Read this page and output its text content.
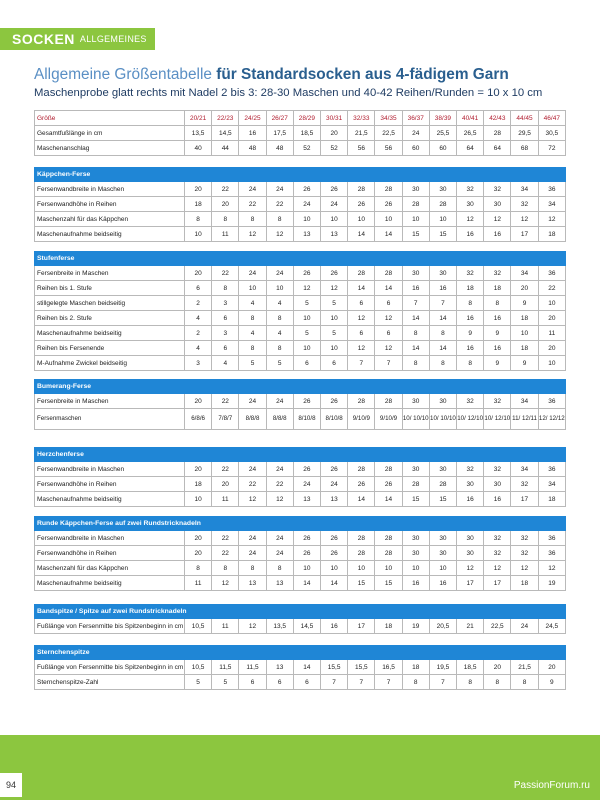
SOCKEN ALLGEMEINES
Allgemeine Größentabelle für Standardsocken aus 4-fädigem Garn
Maschenprobe glatt rechts mit Nadel 2 bis 3: 28-30 Maschen und 40-42 Reihen/Runden = 10 x 10 cm
Größe	20/21	22/23	24/25	26/27	28/29	30/31	32/33	34/35	36/37	38/39	40/41	42/43	44/45	46/47
Gesamtfußlänge in cm	13,5	14,5	16	17,5	18,5	20	21,5	22,5	24	25,5	26,5	28	29,5	30,5
Maschenanschlag	40	44	48	48	52	52	56	56	60	60	64	64	68	72
Käppchen-Ferse														
Fersenwandbreite in Maschen	20	22	24	24	26	26	28	28	30	30	32	32	34	36
Fersenwandhöhe in Reihen	18	20	22	22	24	24	26	26	28	28	30	30	32	34
Maschenzahl für das Käppchen	8	8	8	8	10	10	10	10	10	10	12	12	12	12
Maschenaufnahme beidseitig	10	11	12	12	13	13	14	14	15	15	16	16	17	18
Stufenferse														
Fersenbreite in Maschen	20	22	24	24	26	26	28	28	30	30	32	32	34	36
Reihen bis 1. Stufe	6	8	10	10	12	12	14	14	16	16	18	18	20	22
stillgelegte Maschen beidseitig	2	3	4	4	5	5	6	6	7	7	8	8	9	10
Reihen bis 2. Stufe	4	6	8	8	10	10	12	12	14	14	16	16	18	20
Maschenaufnahme beidseitig	2	3	4	4	5	5	6	6	8	8	9	9	10	11
Reihen bis Fersenende	4	6	8	8	10	10	12	12	14	14	16	16	18	20
M-Aufnahme Zwickel beidseitig	3	4	5	5	6	6	7	7	8	8	8	9	9	10
Bumerang-Ferse														
Fersenbreite in Maschen	20	22	24	24	26	26	28	28	30	30	32	32	34	36
Fersenmaschen	6/8/6	7/8/7	8/8/8	8/8/8	8/10/8	8/10/8	9/10/9	9/10/9	10/ 10/10	10/ 10/10	10/ 12/10	10/ 12/10	11/ 12/11	12/ 12/12
Herzchenferse														
Fersenwandbreite in Maschen	20	22	24	24	26	26	28	28	30	30	32	32	34	36
Fersenwandhöhe in Reihen	18	20	22	22	24	24	26	26	28	28	30	30	32	34
Maschenaufnahme beidseitig	10	11	12	12	13	13	14	14	15	15	16	16	17	18
Runde Käppchen-Ferse auf zwei Rundstricknadeln														
Fersenwandbreite in Maschen	20	22	24	24	26	26	28	28	30	30	30	32	32	36
Fersenwandhöhe in Reihen	20	22	24	24	26	26	28	28	30	30	30	32	32	36
Maschenzahl für das Käppchen	8	8	8	8	10	10	10	10	10	10	12	12	12	12
Maschenaufnahme beidseitig	11	12	13	13	14	14	15	15	16	16	17	17	18	19
Bandspitze / Spitze auf zwei Rundstricknadeln
Fußlänge von Fersenmitte bis Spitzenbeginn in cm	10,5	11	12	13,5	14,5	16	17	18	19	20,5	21	22,5	24	24,5
Sternchenspitze														
Fußlänge von Fersenmitte bis Spitzenbeginn in cm	10,5	11,5	11,5	13	14	15,5	15,5	16,5	18	19,5	18,5	20	21,5	20
Sternchenspitze-Zahl	5	5	6	6	6	7	7	7	8	7	8	8	8	9
94	PassionForum.ru
